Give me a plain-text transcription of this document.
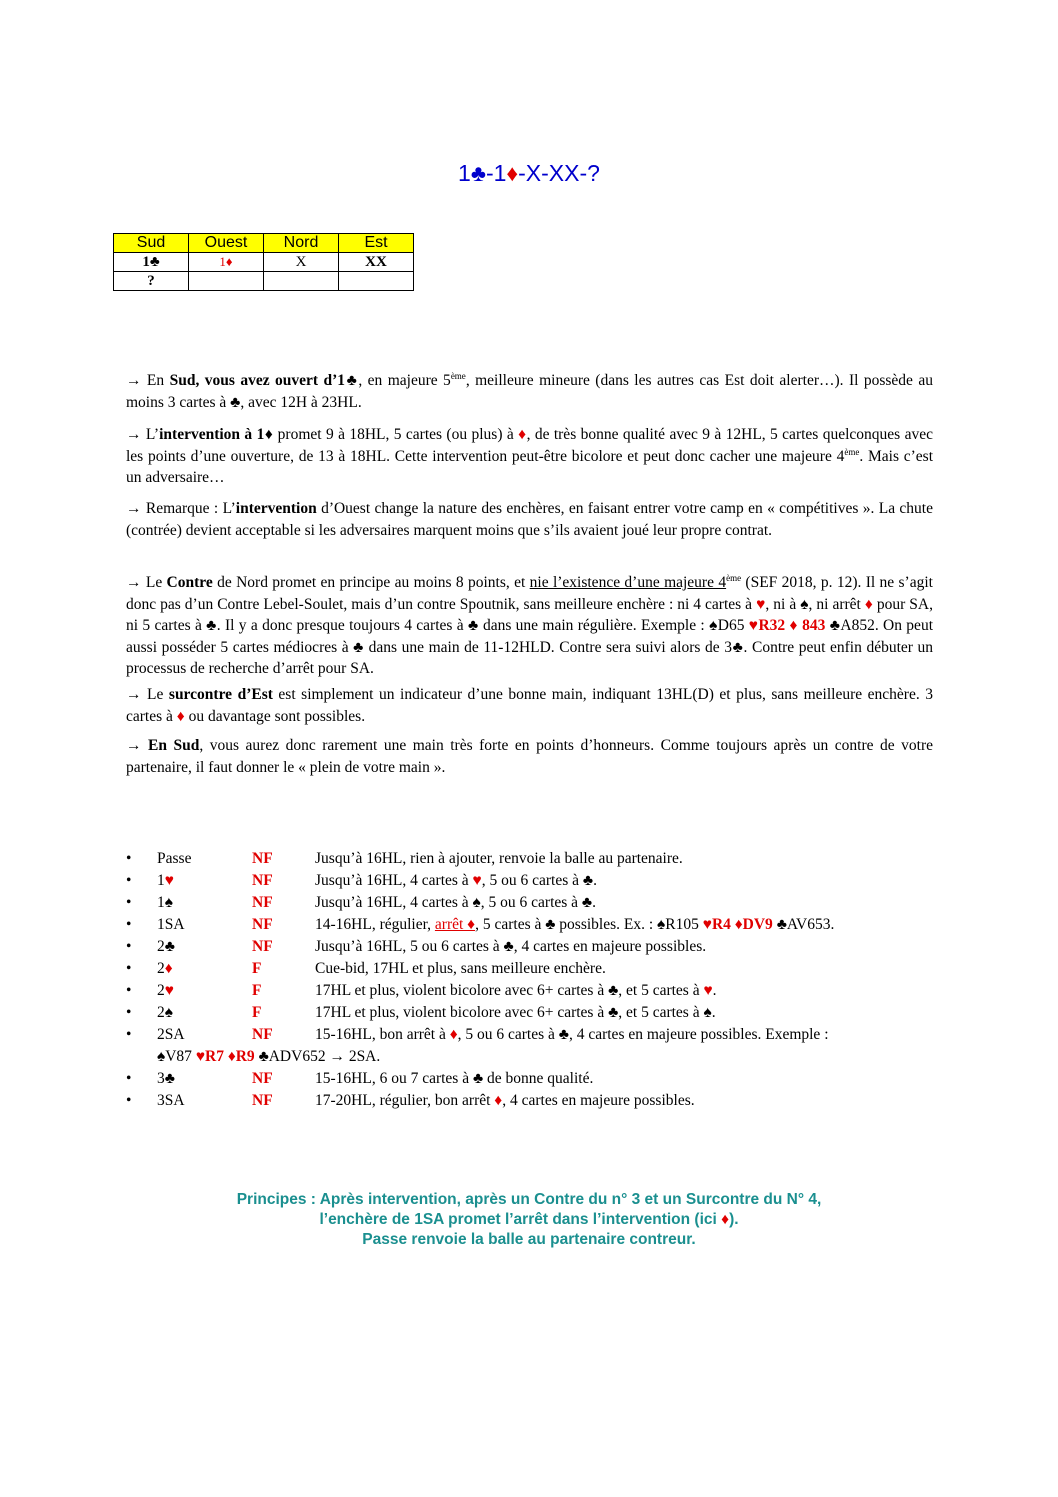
1♣-1♦-X-XX-?
Sud	Ouest	Nord	Est
1♣	1♦	X	XX
?			
→ En Sud, vous avez ouvert d’1♣, en majeure 5ème, meilleure mineure (dans les autres cas Est doit alerter…). Il possède au moins 3 cartes à ♣, avec 12H à 23HL.
→ L’intervention à 1♦ promet 9 à 18HL, 5 cartes (ou plus) à ♦, de très bonne qualité avec 9 à 12HL, 5 cartes quelconques avec les points d’une ouverture, de 13 à 18HL. Cette intervention peut-être bicolore et peut donc cacher une majeure 4ème. Mais c’est un adversaire…
→ Remarque : L’intervention d’Ouest change la nature des enchères, en faisant entrer votre camp en « compétitives ». La chute (contrée) devient acceptable si les adversaires marquent moins que s’ils avaient joué leur propre contrat.
→ Le Contre de Nord promet en principe au moins 8 points, et nie l’existence d’une majeure 4ème (SEF 2018, p. 12). Il ne s’agit donc pas d’un Contre Lebel-Soulet, mais d’un contre Spoutnik, sans meilleure enchère : ni 4 cartes à ♥, ni à ♠, ni arrêt ♦ pour SA, ni 5 cartes à ♣. Il y a donc presque toujours 4 cartes à ♣ dans une main régulière. Exemple : ♠D65 ♥R32 ♦ 843 ♣A852. On peut aussi posséder 5 cartes médiocres à ♣ dans une main de 11-12HLD. Contre sera suivi alors de 3♣. Contre peut enfin débuter un processus de recherche d’arrêt pour SA.
→ Le surcontre d’Est est simplement un indicateur d’une bonne main, indiquant 13HL(D) et plus, sans meilleure enchère. 3 cartes à ♦ ou davantage sont possibles.
→ En Sud, vous aurez donc rarement une main très forte en points d’honneurs. Comme toujours après un contre de votre partenaire, il faut donner le « plein de votre main ».
• Passe	NF	Jusqu’à 16HL, rien à ajouter, renvoie la balle au partenaire.
• 1♥	NF	Jusqu’à 16HL, 4 cartes à ♥, 5 ou 6 cartes à ♣.
• 1♠	NF	Jusqu’à 16HL, 4 cartes à ♠, 5 ou 6 cartes à ♣.
• 1SA	NF	14-16HL, régulier, arrêt ♦, 5 cartes à ♣ possibles. Ex. : ♠R105 ♥R4 ♦DV9 ♣AV653.
• 2♣	NF	Jusqu’à 16HL, 5 ou 6 cartes à ♣, 4 cartes en majeure possibles.
• 2♦	F	Cue-bid, 17HL et plus, sans meilleure enchère.
• 2♥	F	17HL et plus, violent bicolore avec 6+ cartes à ♣, et 5 cartes à ♥.
• 2♠	F	17HL et plus, violent bicolore avec 6+ cartes à ♣, et 5 cartes à ♠.
• 2SA	NF	15-16HL, bon arrêt à ♦, 5 ou 6 cartes à ♣, 4 cartes en majeure possibles. Exemple :
♠V87 ♥R7 ♦R9 ♣ADV652 → 2SA.
• 3♣	NF	15-16HL, 6 ou 7 cartes à ♣ de bonne qualité.
• 3SA	NF	17-20HL, régulier, bon arrêt ♦, 4 cartes en majeure possibles.
Principes : Après intervention, après un Contre du n° 3 et un Surcontre du N° 4,
l’enchère de 1SA promet l’arrêt dans l’intervention (ici ♦).
Passe renvoie la balle au partenaire contreur.
